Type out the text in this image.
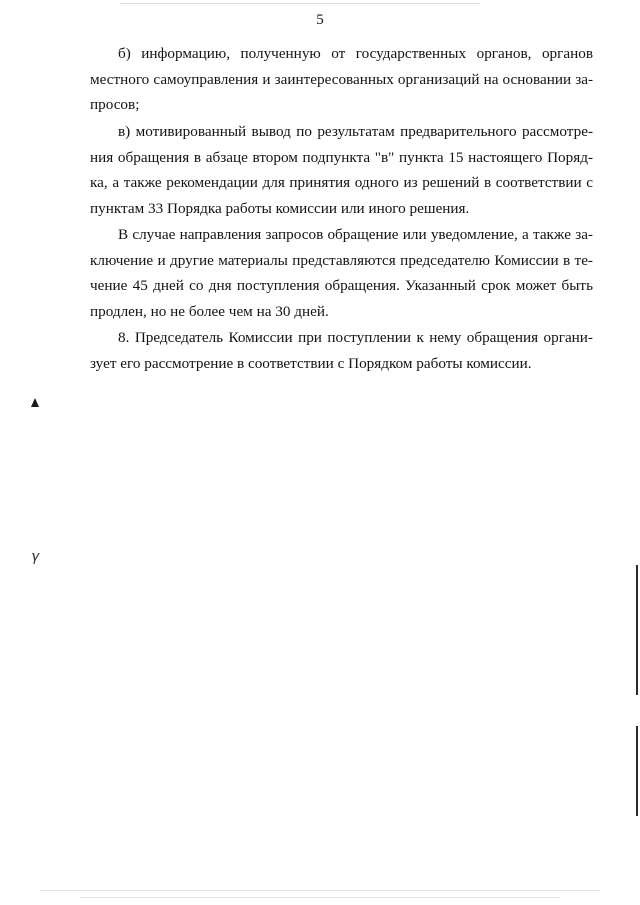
5

б) информацию, полученную от государственных органов, органов
местного самоуправления и заинтересованных организаций на основании за-
просов;

в) мотивированный вывод по результатам предварительного рассмотре-
ния обращения в абзаце втором подпункта "в" пункта 15 настоящего Поряд-
ка, а также рекомендации для принятия одного из решений в соответствии с
пунктам 33 Порядка работы комиссии или иного решения.

В случае направления запросов обращение или уведомление, а также за-
ключение и другие материалы представляются председателю Комиссии в те-
чение 45 дней со дня поступления обращения. Указанный срок может быть
продлен, но не более чем на 30 дней.

8. Председатель Комиссии при поступлении к нему обращения органи-
зует его рассмотрение в соответствии с Порядком работы комиссии.

𝛾
